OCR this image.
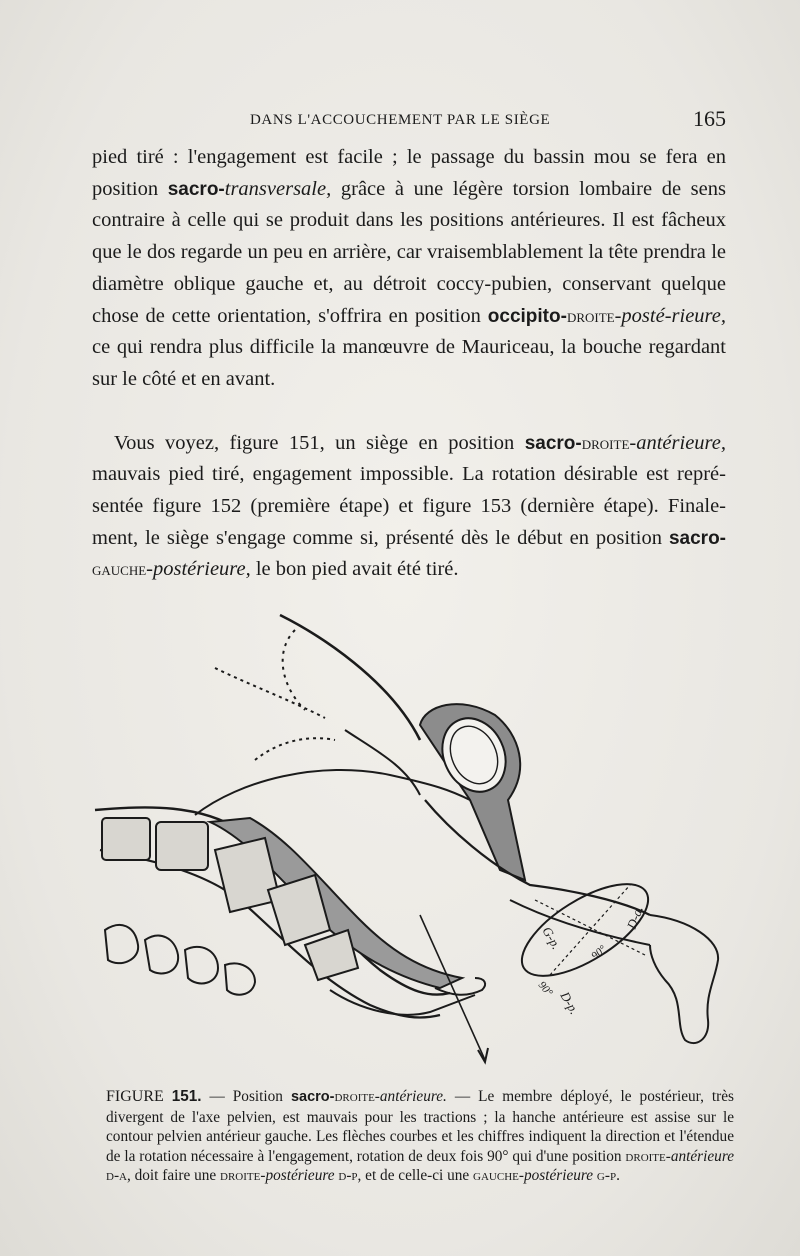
DANS L'ACCOUCHEMENT PAR LE SIÈGE	165

pied tiré : l'engagement est facile ; le passage du bassin mou se fera en position sacro-transversale, grâce à une légère torsion lombaire de sens contraire à celle qui se produit dans les positions antérieures. Il est fâcheux que le dos regarde un peu en arrière, car vraisemblablement la tête prendra le diamètre oblique gauche et, au détroit coccy-pubien, conservant quelque chose de cette orientation, s'offrira en position occipito-droite-posté-rieure, ce qui rendra plus difficile la manœuvre de Mauriceau, la bouche regardant sur le côté et en avant.

Vous voyez, figure 151, un siège en position sacro-droite-antérieure, mauvais pied tiré, engagement impossible. La rotation désirable est repré-sentée figure 152 (première étape) et figure 153 (dernière étape). Finale-ment, le siège s'engage comme si, présenté dès le début en position sacro-gauche-postérieure, le bon pied avait été tiré.

G-p.
D-a.
D-p.
90°
90°
FIGURE 151. — Position sacro-droite-antérieure. — Le membre déployé, le postérieur, très divergent de l'axe pelvien, est mauvais pour les tractions ; la hanche antérieure est assise sur le contour pelvien antérieur gauche. Les flèches courbes et les chiffres indiquent la direction et l'étendue de la rotation nécessaire à l'engagement, rotation de deux fois 90° qui d'une position droite-antérieure d-a, doit faire une droite-postérieure d-p, et de celle-ci une gauche-postérieure g-p.
